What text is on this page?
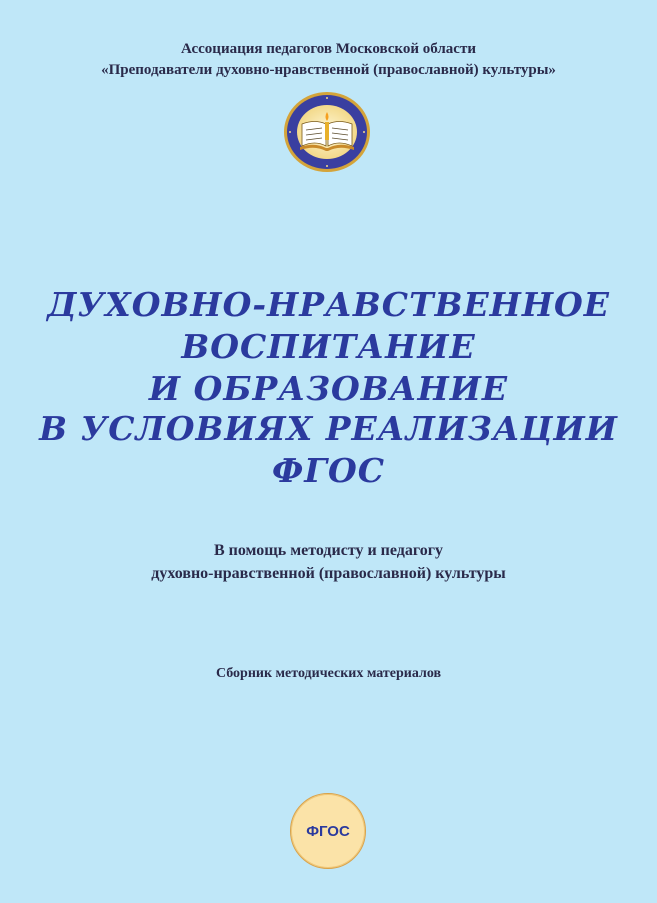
Ассоциация педагогов Московской области
«Преподаватели духовно-нравственной (православной) культуры»
ДУХОВНО-НРАВСТВЕННОЕ
ВОСПИТАНИЕ
И ОБРАЗОВАНИЕ
В УСЛОВИЯХ РЕАЛИЗАЦИИ
ФГОС
В помощь методисту и педагогу
духовно-нравственной (православной) культуры
Сборник методических материалов
ФГОС
